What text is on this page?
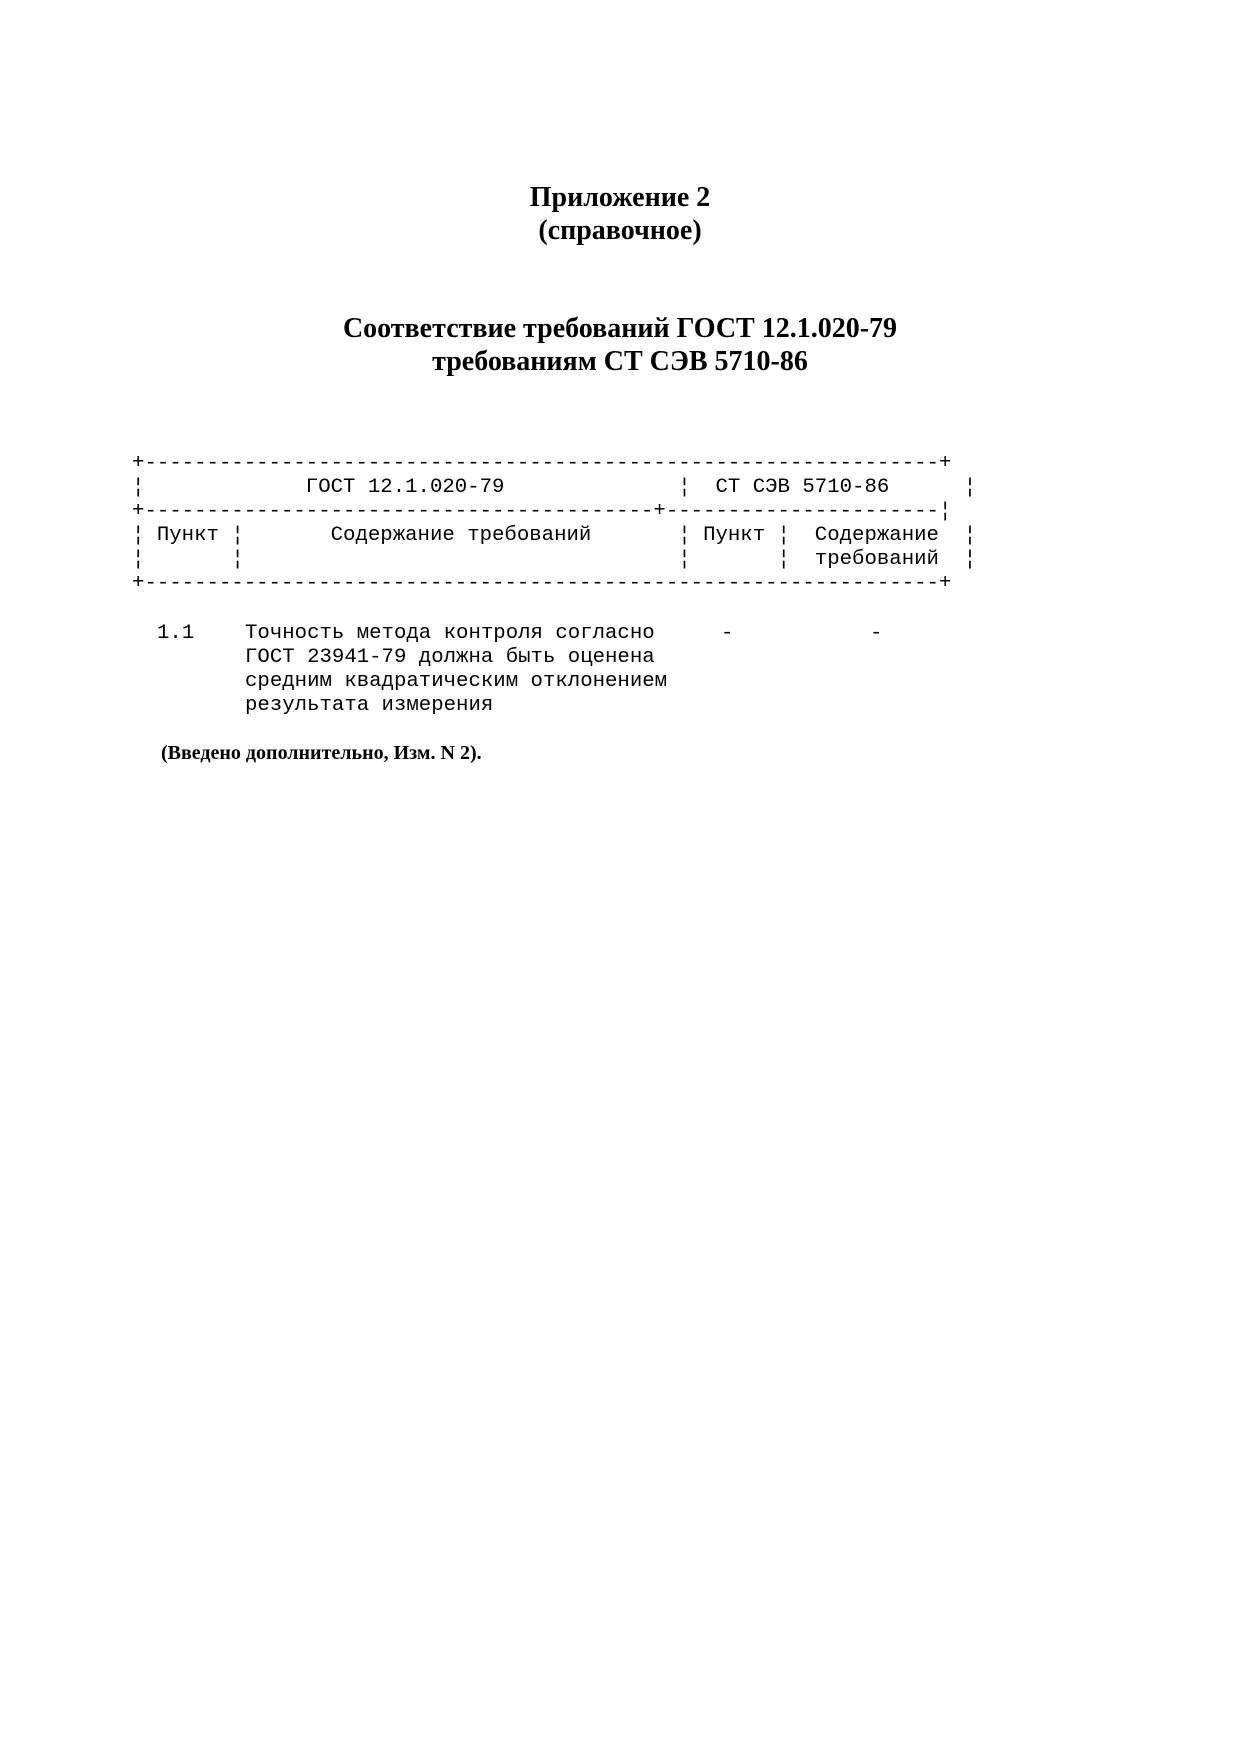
Приложение 2
(справочное)
Соответствие требований ГОСТ 12.1.020-79
требованиям СТ СЭВ 5710-86
+----------------------------------------------------------------+
¦             ГОСТ 12.1.020-79              ¦  СТ СЭВ 5710-86      ¦
+-----------------------------------------+----------------------¦
¦ Пункт ¦       Содержание требований       ¦ Пункт ¦  Содержание  ¦
¦       ¦                                   ¦       ¦  требований  ¦
+----------------------------------------------------------------+
1.1 Точность метода контроля согласно
ГОСТ 23941-79 должна быть оценена
средним квадратическим отклонением
результата измерения
-	-

(Введено дополнительно, Изм. N 2).
